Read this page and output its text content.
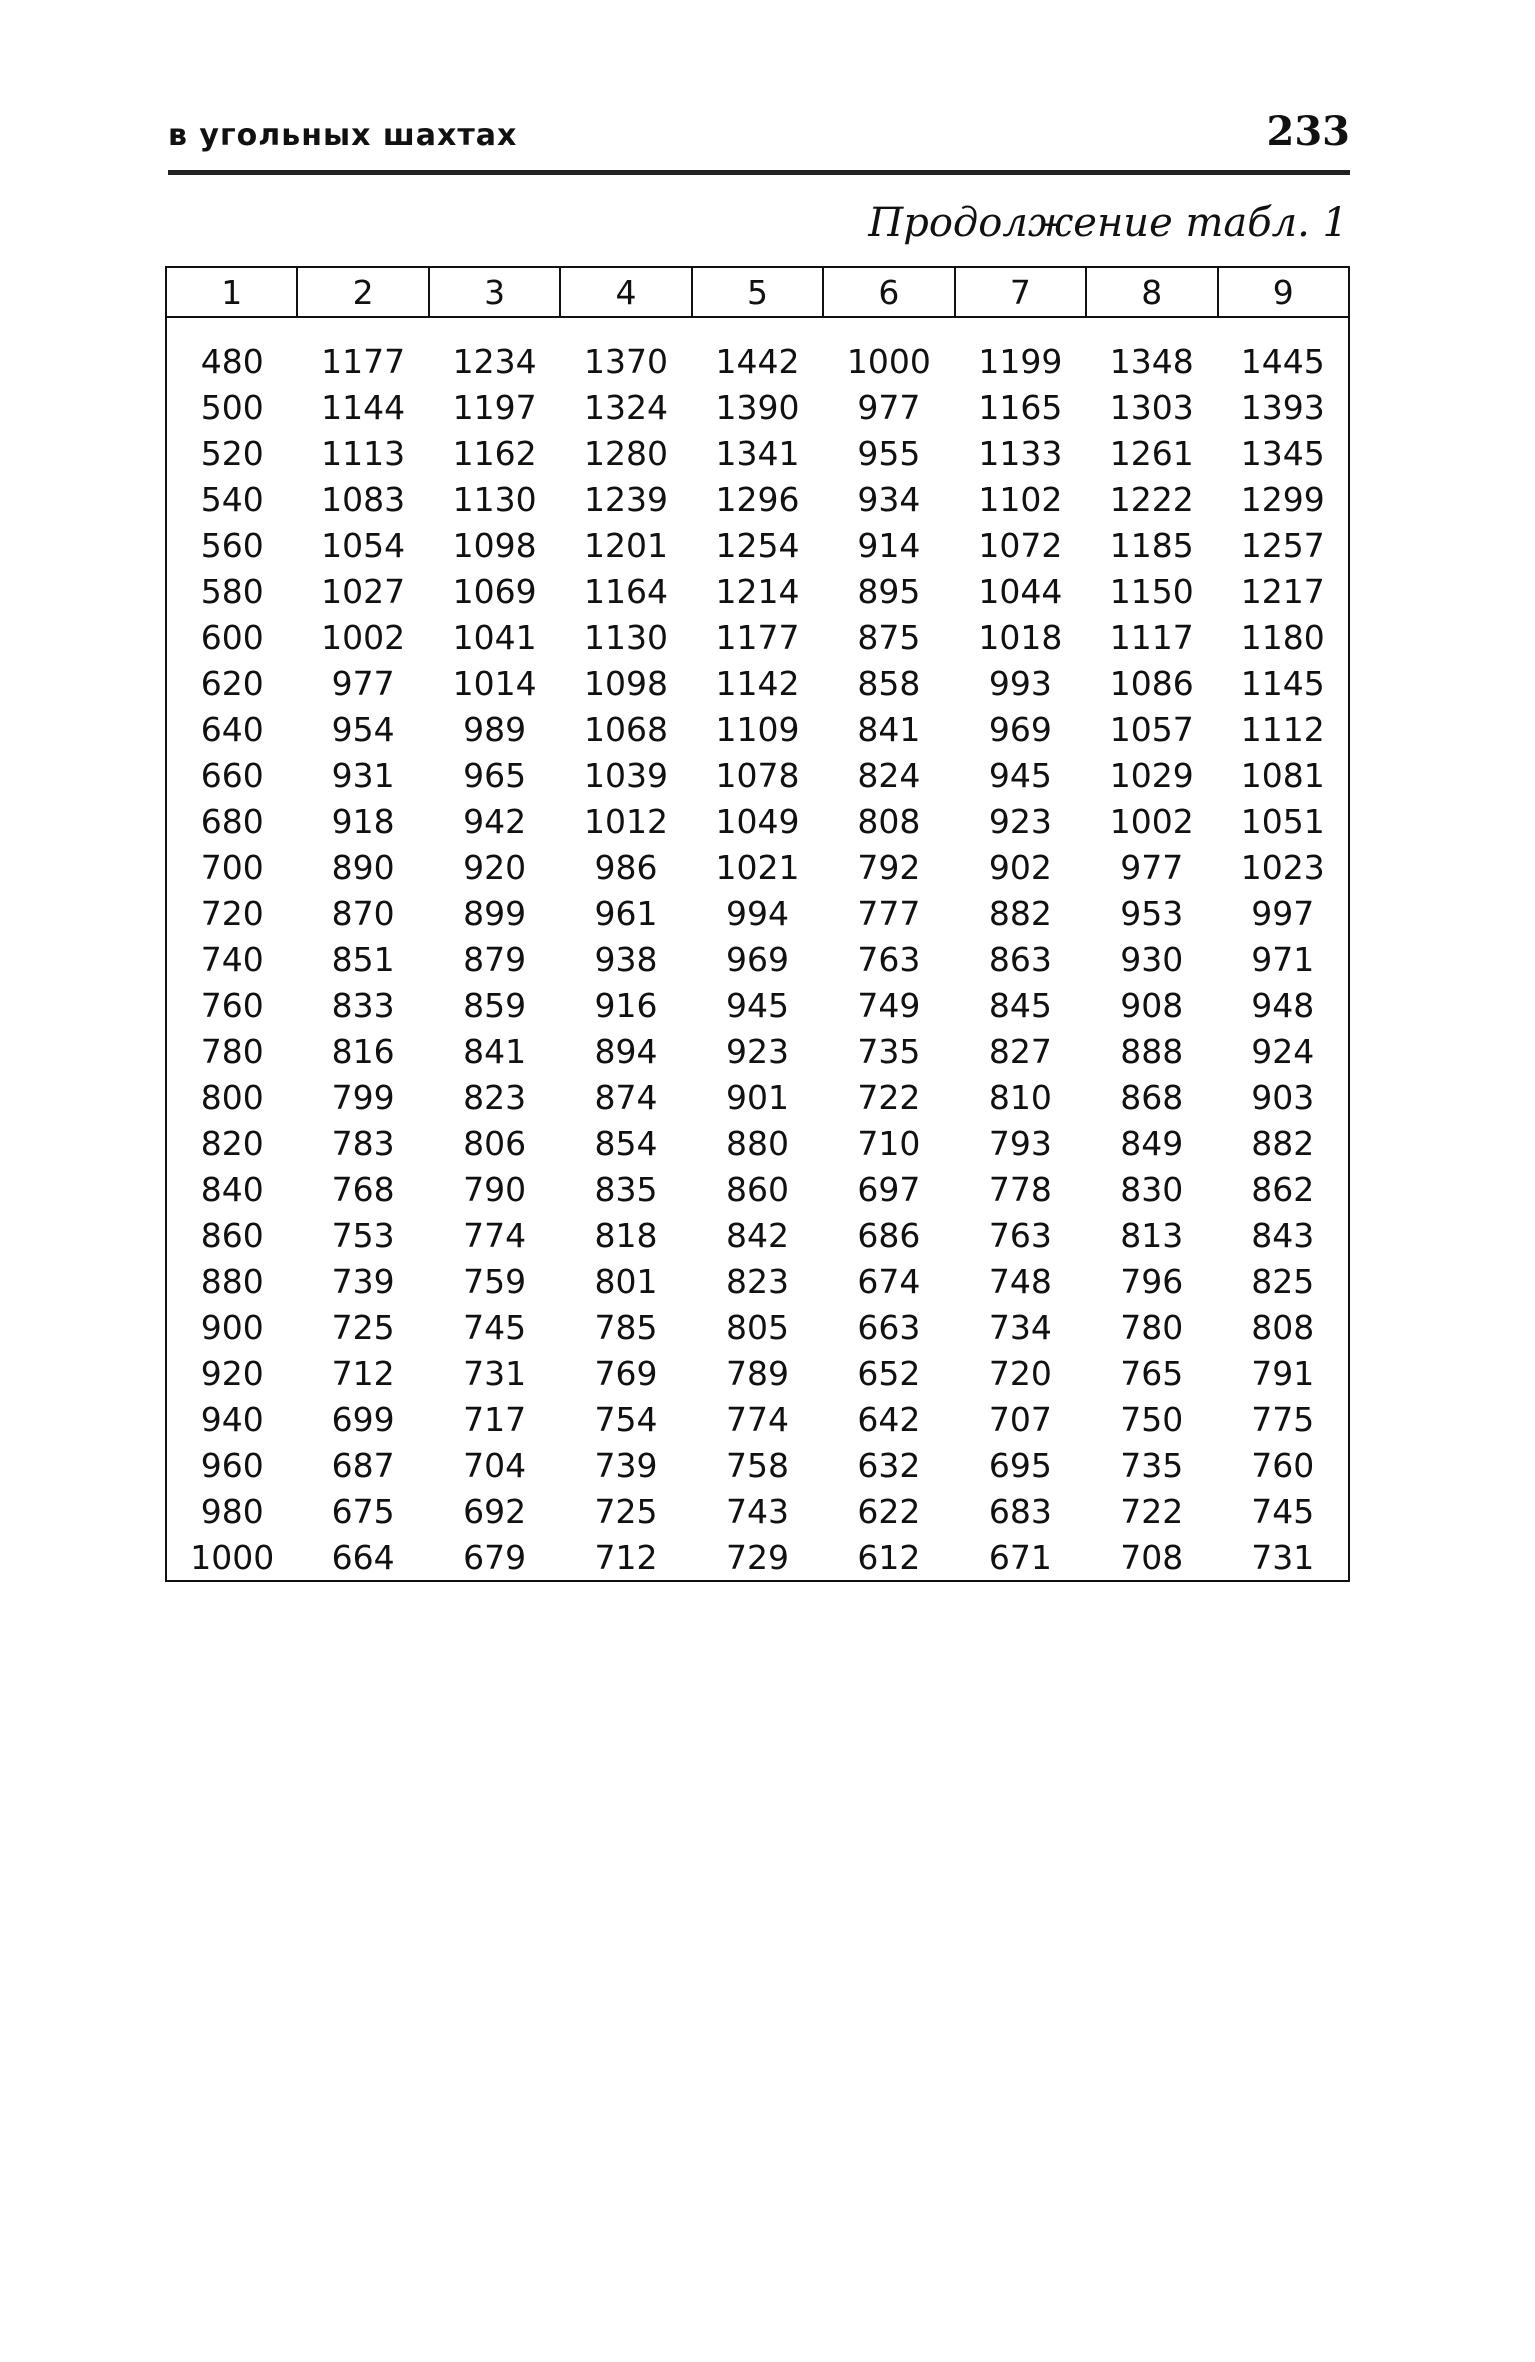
в угольных шахтах	233
Продолжение табл. 1
1	2	3	4	5	6	7	8	9
480	1177	1234	1370	1442	1000	1199	1348	1445
500	1144	1197	1324	1390	977	1165	1303	1393
520	1113	1162	1280	1341	955	1133	1261	1345
540	1083	1130	1239	1296	934	1102	1222	1299
560	1054	1098	1201	1254	914	1072	1185	1257
580	1027	1069	1164	1214	895	1044	1150	1217
600	1002	1041	1130	1177	875	1018	1117	1180
620	977	1014	1098	1142	858	993	1086	1145
640	954	989	1068	1109	841	969	1057	1112
660	931	965	1039	1078	824	945	1029	1081
680	918	942	1012	1049	808	923	1002	1051
700	890	920	986	1021	792	902	977	1023
720	870	899	961	994	777	882	953	997
740	851	879	938	969	763	863	930	971
760	833	859	916	945	749	845	908	948
780	816	841	894	923	735	827	888	924
800	799	823	874	901	722	810	868	903
820	783	806	854	880	710	793	849	882
840	768	790	835	860	697	778	830	862
860	753	774	818	842	686	763	813	843
880	739	759	801	823	674	748	796	825
900	725	745	785	805	663	734	780	808
920	712	731	769	789	652	720	765	791
940	699	717	754	774	642	707	750	775
960	687	704	739	758	632	695	735	760
980	675	692	725	743	622	683	722	745
1000	664	679	712	729	612	671	708	731
